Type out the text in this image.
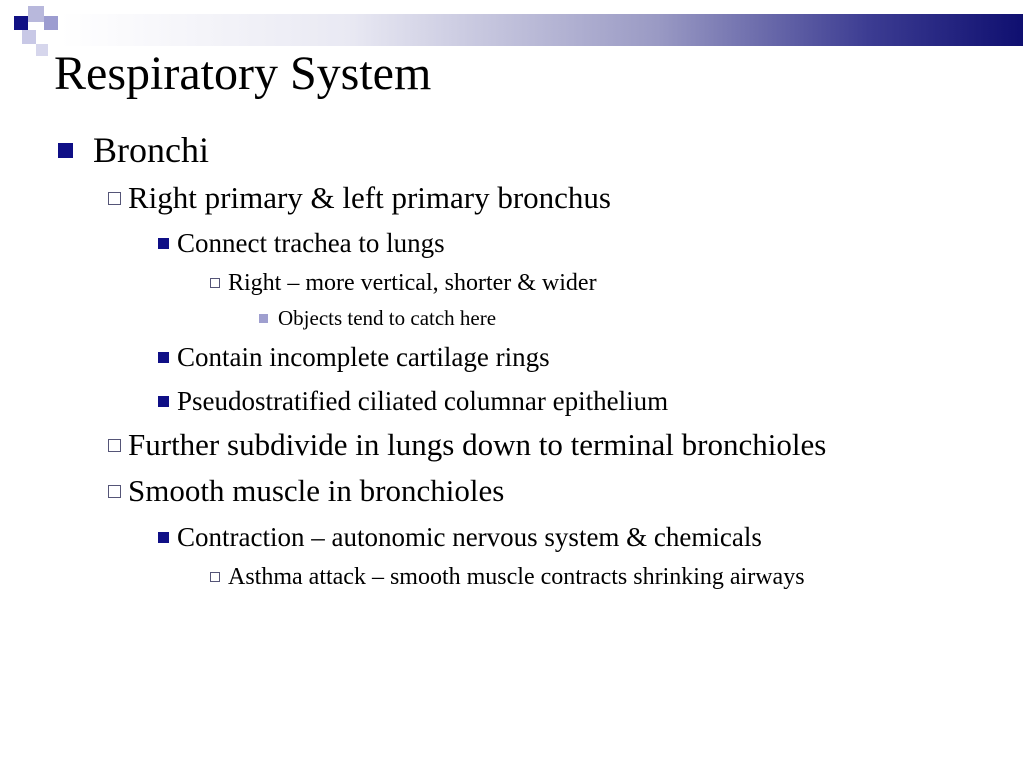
Respiratory System
Bronchi
Right primary & left primary bronchus
Connect trachea to lungs
Right – more vertical, shorter & wider
Objects tend to catch here
Contain incomplete cartilage rings
Pseudostratified ciliated columnar epithelium
Further subdivide in lungs down to terminal bronchioles
Smooth muscle in bronchioles
Contraction – autonomic nervous system & chemicals
Asthma attack – smooth muscle contracts shrinking airways
